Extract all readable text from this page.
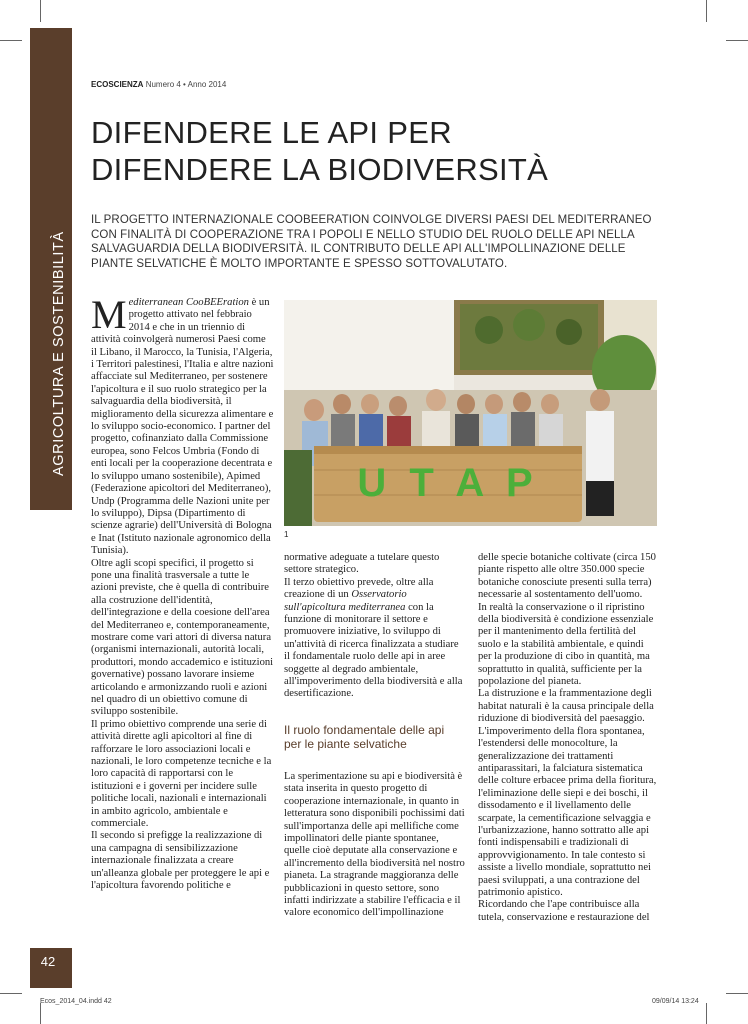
AGRICOLTURA E SOSTENIBILITÀ
ECOSCIENZA Numero 4 • Anno 2014
DIFENDERE LE API PER
DIFENDERE LA BIODIVERSITÀ
IL PROGETTO INTERNAZIONALE COOBEERATION COINVOLGE DIVERSI PAESI DEL MEDITERRANEO CON FINALITÀ DI COOPERAZIONE TRA I POPOLI E NELLO STUDIO DEL RUOLO DELLE API NELLA SALVAGUARDIA DELLA BIODIVERSITÀ. IL CONTRIBUTO DELLE API ALL'IMPOLLINAZIONE DELLE PIANTE SELVATICHE È MOLTO IMPORTANTE E SPESSO SOTTOVALUTATO.
U T A P
1

Mediterranean CooBEEration è un progetto attivato nel febbraio 2014 e che in un triennio di attività coinvolgerà numerosi Paesi come il Libano, il Marocco, la Tunisia, l'Algeria, i Territori palestinesi, l'Italia e altre nazioni affacciate sul Mediterraneo, per sostenere l'apicoltura e il suo ruolo strategico per la salvaguardia della biodiversità, il miglioramento della sicurezza alimentare e lo sviluppo socio-economico. I partner del progetto, cofinanziato dalla Commissione europea, sono Felcos Umbria (Fondo di enti locali per la cooperazione decentrata e lo sviluppo umano sostenibile), Apimed (Federazione apicoltori del Mediterraneo), Undp (Programma delle Nazioni unite per lo sviluppo), Dipsa (Dipartimento di scienze agrarie) dell'Università di Bologna e Inat (Istituto nazionale agronomico della Tunisia).

Oltre agli scopi specifici, il progetto si pone una finalità trasversale a tutte le azioni previste, che è quella di contribuire alla costruzione dell'identità, dell'integrazione e della coesione dell'area del Mediterraneo e, contemporaneamente, mostrare come vari attori di diversa natura (organismi internazionali, autorità locali, produttori, mondo accademico e istituzioni governative) possano lavorare insieme articolando e armonizzando ruoli e azioni nel quadro di un obiettivo comune di sviluppo sostenibile.

Il primo obiettivo comprende una serie di attività dirette agli apicoltori al fine di rafforzare le loro associazioni locali e nazionali, le loro competenze tecniche e la loro capacità di rapportarsi con le istituzioni e i governi per incidere sulle politiche locali, nazionali e internazionali in ambito agricolo, ambientale e commerciale.

Il secondo si prefigge la realizzazione di una campagna di sensibilizzazione internazionale finalizzata a creare un'alleanza globale per proteggere le api e l'apicoltura favorendo politiche e

normative adeguate a tutelare questo settore strategico.

Il terzo obiettivo prevede, oltre alla creazione di un Osservatorio sull'apicoltura mediterranea con la funzione di monitorare il settore e promuovere iniziative, lo sviluppo di un'attività di ricerca finalizzata a studiare il fondamentale ruolo delle api in aree soggette al degrado ambientale, all'impoverimento della biodiversità e alla desertificazione.

Il ruolo fondamentale delle api
per le piante selvatiche

La sperimentazione su api e biodiversità è stata inserita in questo progetto di cooperazione internazionale, in quanto in letteratura sono disponibili pochissimi dati sull'importanza delle api mellifiche come impollinatori delle piante spontanee, quelle cioè deputate alla conservazione e all'incremento della biodiversità nel nostro pianeta. La stragrande maggioranza delle pubblicazioni in questo settore, sono infatti indirizzate a stabilire l'efficacia e il valore economico dell'impollinazione

delle specie botaniche coltivate (circa 150 piante rispetto alle oltre 350.000 specie botaniche conosciute presenti sulla terra) necessarie al sostentamento dell'uomo.

In realtà la conservazione o il ripristino della biodiversità è condizione essenziale per il mantenimento della fertilità del suolo e la stabilità ambientale, e quindi per la produzione di cibo in quantità, ma soprattutto in qualità, sufficiente per la popolazione del pianeta.

La distruzione e la frammentazione degli habitat naturali è la causa principale della riduzione di biodiversità del paesaggio. L'impoverimento della flora spontanea, l'estendersi delle monocolture, la generalizzazione dei trattamenti antiparassitari, la falciatura sistematica delle colture erbacee prima della fioritura, l'eliminazione delle siepi e dei boschi, il dissodamento e il livellamento delle scarpate, la cementificazione selvaggia e l'urbanizzazione, hanno sottratto alle api fonti indispensabili e tradizionali di approvvigionamento. In tale contesto si assiste a livello mondiale, soprattutto nei paesi sviluppati, a una contrazione del patrimonio apistico.

Ricordando che l'ape contribuisce alla tutela, conservazione e restaurazione del

42
Ecos_2014_04.indd 42	09/09/14 13:24
